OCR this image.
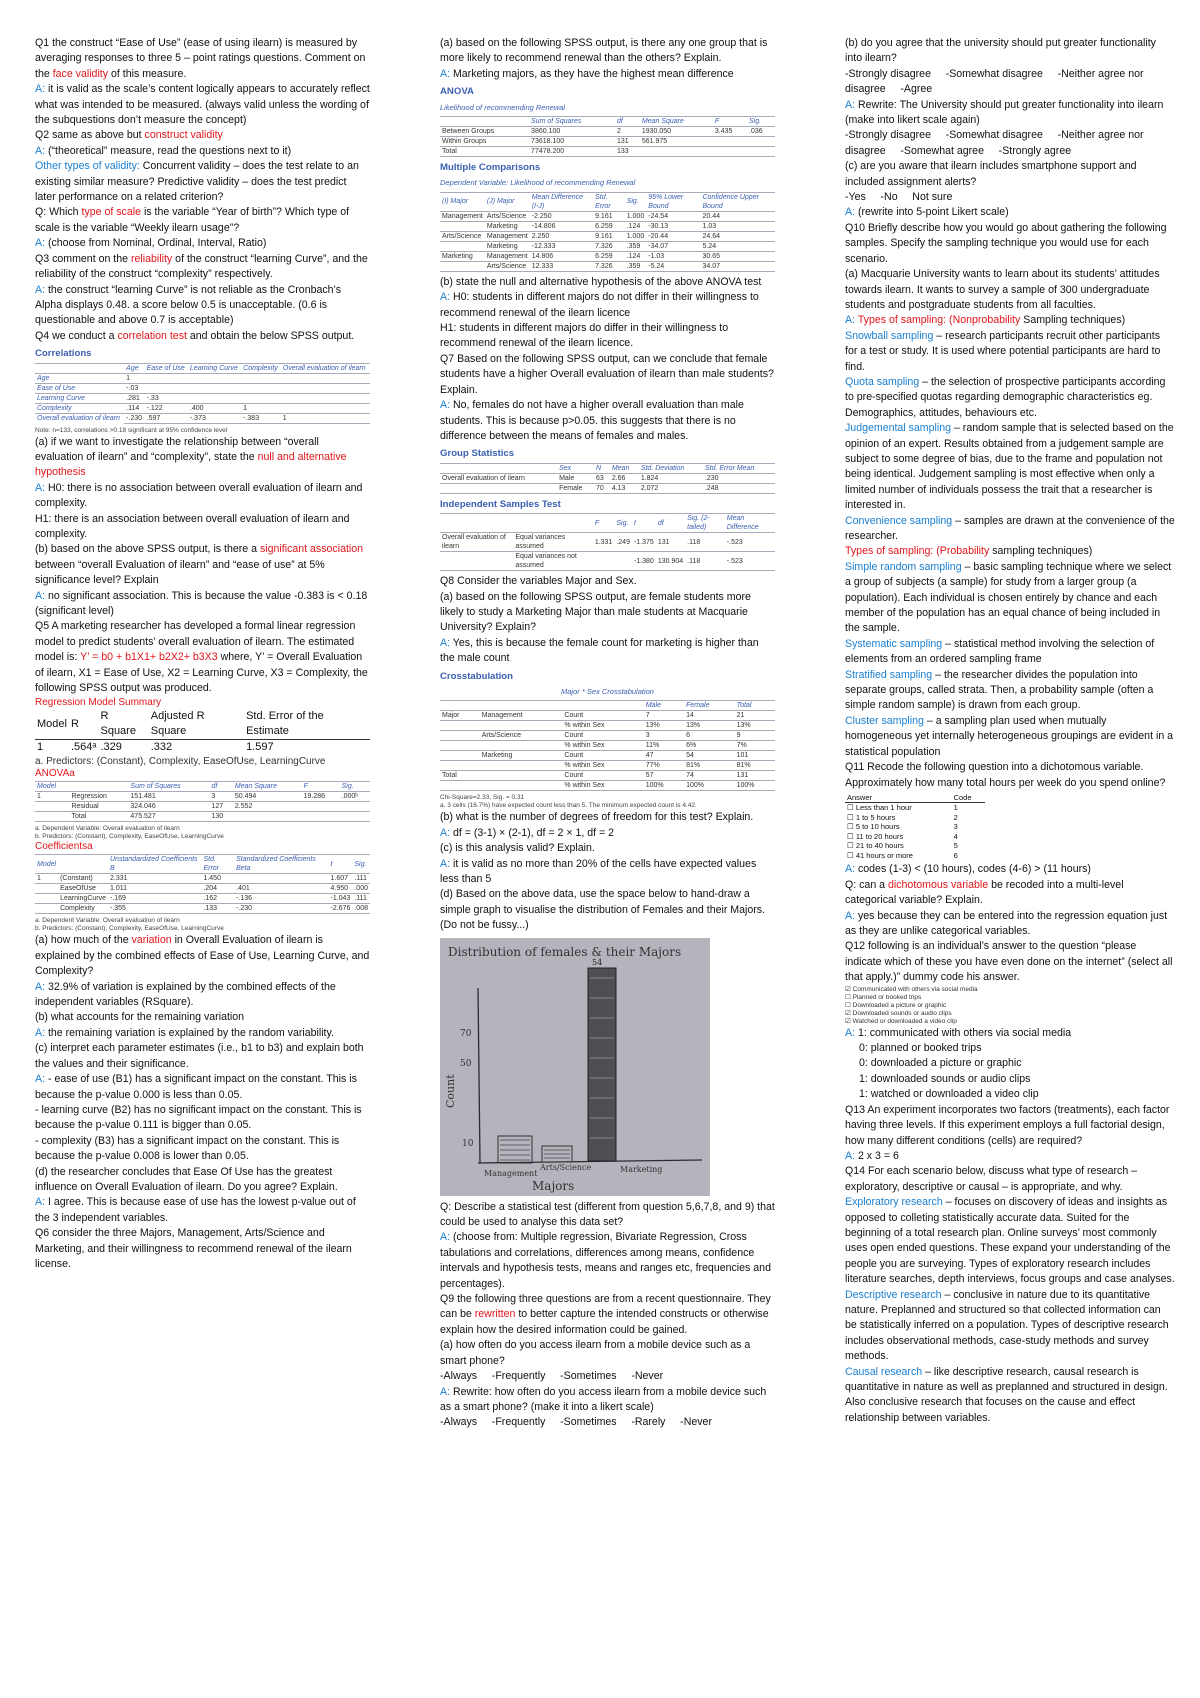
Q1 the construct “Ease of Use” (ease of using ilearn) is measured by averaging responses to three 5 – point ratings questions. Comment on the face validity of this measure.

A: it is valid as the scale’s content logically appears to accurately reflect what was intended to be measured. (always valid unless the wording of the subquestions don’t measure the concept)

Q2 same as above but construct validity

A: (“theoretical” measure, read the questions next to it)

Other types of validity: Concurrent validity – does the test relate to an existing similar measure? Predictive validity – does the test predict later performance on a related criterion?

Q: Which type of scale is the variable “Year of birth”? Which type of scale is the variable “Weekly ilearn usage”?

A: (choose from Nominal, Ordinal, Interval, Ratio)

Q3 comment on the reliability of the construct “learning Curve”, and the reliability of the construct “complexity” respectively.

A: the construct “learning Curve” is not reliable as the Cronbach’s Alpha displays 0.48. a score below 0.5 is unacceptable. (0.6 is questionable and above 0.7 is acceptable)

Q4 we conduct a correlation test and obtain the below SPSS output.

Correlations
	Age	Ease of Use	Learning Curve	Complexity	Overall evaluation of ilearn
Age	1				
Ease of Use	-.03				
Learning Curve	.281	-.33			
Complexity	.114	-.122	.400	1	
Overall evaluation of ilearn	-.230	.597	-.373	-.383	1
Note: n=133, correlations >0.18 significant at 95% confidence level

(a) if we want to investigate the relationship between “overall evaluation of ilearn” and “complexity”, state the null and alternative hypothesis

A: H0: there is no association between overall evaluation of ilearn and complexity.

H1: there is an association between overall evaluation of ilearn and complexity.

(b) based on the above SPSS output, is there a significant association between “overall Evaluation of ilearn” and “ease of use” at 5% significance level? Explain

A: no significant association. This is because the value -0.383 is < 0.18 (significant level)

Q5 A marketing researcher has developed a formal linear regression model to predict students’ overall evaluation of ilearn. The estimated model is: Y’ = b0 + b1X1+ b2X2+ b3X3 where, Y’ = Overall Evaluation of ilearn, X1 = Ease of Use, X2 = Learning Curve, X3 = Complexity, the following SPSS output was produced.

Regression Model Summary
Model	R	R Square	Adjusted R Square	Std. Error of the Estimate
1	.564ᵃ	.329	.332	1.597
a. Predictors: (Constant), Complexity, EaseOfUse, LearningCurve
ANOVAa
Model		Sum of Squares	df	Mean Square	F	Sig.
1	Regression	151.481	3	50.494	19.286	.000ᵇ
	Residual	324.046	127	2.552		
	Total	475.527	130			
a. Dependent Variable: Overall evaluation of ilearn
b. Predictors: (Constant), Complexity, EaseOfUse, LearningCurve
Coefficientsa
Model		Unstandardized Coefficients B	Std. Error	Standardized Coefficients Beta	t	Sig.
1	(Constant)	2.331	1.450		1.607	.111
	EaseOfUse	1.011	.204	.401	4.950	.000
	LearningCurve	-.169	.162	-.136	-1.043	.111
	Complexity	-.355	.133	-.230	-2.676	.008
a. Dependent Variable: Overall evaluation of ilearn
b. Predictors: (Constant), Complexity, EaseOfUse, LearningCurve

(a) how much of the variation in Overall Evaluation of ilearn is explained by the combined effects of Ease of Use, Learning Curve, and Complexity?

A: 32.9% of variation is explained by the combined effects of the independent variables (RSquare).

(b) what accounts for the remaining variation

A: the remaining variation is explained by the random variability.

(c) interpret each parameter estimates (i.e., b1 to b3) and explain both the values and their significance.

A: - ease of use (B1) has a significant impact on the constant. This is because the p-value 0.000 is less than 0.05.

- learning curve (B2) has no significant impact on the constant. This is because the p-value 0.111 is bigger than 0.05.

- complexity (B3) has a significant impact on the constant. This is because the p-value 0.008 is lower than 0.05.

(d) the researcher concludes that Ease Of Use has the greatest influence on Overall Evaluation of ilearn. Do you agree? Explain.

A: I agree. This is because ease of use has the lowest p-value out of the 3 independent variables.

Q6 consider the three Majors, Management, Arts/Science and Marketing, and their willingness to recommend renewal of the ilearn license.

(a) based on the following SPSS output, is there any one group that is more likely to recommend renewal than the others? Explain.

A: Marketing majors, as they have the highest mean difference

ANOVA
Likelihood of recommending Renewal
	Sum of Squares	df	Mean Square	F	Sig.
Between Groups	3860.100	2	1930.050	3.435	.036
Within Groups	73618.100	131	561.975		
Total	77478.200	133			
Multiple Comparisons
Dependent Variable: Likelihood of recommending Renewal
(I) Major	(J) Major	Mean Difference (I-J)	Std. Error	Sig.	95% Lower Bound	Confidence Upper Bound
Management	Arts/Science	-2.250	9.161	1.000	-24.54	20.44
	Marketing	-14.806	6.259	.124	-30.13	1.03
Arts/Science	Management	2.250	9.161	1.000	-20.44	24.64
	Marketing	-12.333	7.326	.359	-34.07	5.24
Marketing	Management	14.806	6.259	.124	-1.03	30.65
	Arts/Science	12.333	7.326	.359	-5.24	34.07

(b) state the null and alternative hypothesis of the above ANOVA test

A: H0: students in different majors do not differ in their willingness to recommend renewal of the ilearn licence

H1: students in different majors do differ in their willingness to recommend renewal of the ilearn licence.

Q7 Based on the following SPSS output, can we conclude that female students have a higher Overall evaluation of ilearn than male students? Explain.

A: No, females do not have a higher overall evaluation than male students. This is because p>0.05. this suggests that there is no difference between the means of females and males.

Group Statistics
	Sex	N	Mean	Std. Deviation	Std. Error Mean
Overall evaluation of ilearn	Male	63	2.66	1.824	.230
	Female	70	4.13	2.072	.248
Independent Samples Test
		F	Sig.	t	df	Sig. (2-tailed)	Mean Difference
Overall evaluation of ilearn	Equal variances assumed	1.331	.249	-1.375	131	.118	-.523
	Equal variances not assumed			-1.380	130.904	.118	-.523

Q8 Consider the variables Major and Sex.

(a) based on the following SPSS output, are female students more likely to study a Marketing Major than male students at Macquarie University? Explain?

A: Yes, this is because the female count for marketing is higher than the male count

Crosstabulation
Major * Sex Crosstabulation
			Male	Female	Total
Major	Management	Count	7	14	21
		% within Sex	13%	13%	13%
	Arts/Science	Count	3	6	9
		% within Sex	11%	6%	7%
	Marketing	Count	47	54	101
		% within Sex	77%	81%	81%
Total		Count	57	74	131
		% within Sex	100%	100%	100%
Chi-Square=2.33, Sig. = 0.31
a. 3 cells (16.7%) have expected count less than 5. The minimum expected count is 4.42.

(b) what is the number of degrees of freedom for this test? Explain.

A: df = (3-1) × (2-1), df = 2 × 1, df = 2

(c) is this analysis valid? Explain.

A: it is valid as no more than 20% of the cells have expected values less than 5

(d) Based on the above data, use the space below to hand-draw a simple graph to visualise the distribution of Females and their Majors. (Do not be fussy...)

Distribution of females & their Majors
70
50
10
Count
54
Management
Arts/Science	Marketing
Majors

Q: Describe a statistical test (different from question 5,6,7,8, and 9) that could be used to analyse this data set?

A: (choose from: Multiple regression, Bivariate Regression, Cross tabulations and correlations, differences among means, confidence intervals and hypothesis tests, means and ranges etc, frequencies and percentages).

Q9 the following three questions are from a recent questionnaire. They can be rewritten to better capture the intended constructs or otherwise explain how the desired information could be gained.

(a) how often do you access ilearn from a mobile device such as a smart phone?

-Always     -Frequently     -Sometimes     -Never

A: Rewrite: how often do you access ilearn from a mobile device such as a smart phone? (make it into a likert scale)

-Always     -Frequently     -Sometimes     -Rarely     -Never

(b) do you agree that the university should put greater functionality into ilearn?

-Strongly disagree     -Somewhat disagree     -Neither agree nor disagree     -Agree

A: Rewrite: The University should put greater functionality into ilearn (make into likert scale again)

-Strongly disagree     -Somewhat disagree     -Neither agree nor disagree     -Somewhat agree     -Strongly agree

(c) are you aware that ilearn includes smartphone support and included assignment alerts?

-Yes     -No     Not sure

A: (rewrite into 5-point Likert scale)

Q10 Briefly describe how you would go about gathering the following samples. Specify the sampling technique you would use for each scenario.

(a) Macquarie University wants to learn about its students’ attitudes towards ilearn. It wants to survey a sample of 300 undergraduate students and postgraduate students from all faculties.

A: Types of sampling: (Nonprobability Sampling techniques)

Snowball sampling – research participants recruit other participants for a test or study. It is used where potential participants are hard to find.

Quota sampling – the selection of prospective participants according to pre-specified quotas regarding demographic characteristics eg. Demographics, attitudes, behaviours etc.

Judgemental sampling – random sample that is selected based on the opinion of an expert. Results obtained from a judgement sample are subject to some degree of bias, due to the frame and population not being identical. Judgement sampling is most effective when only a limited number of individuals possess the trait that a researcher is interested in.

Convenience sampling – samples are drawn at the convenience of the researcher.

Types of sampling: (Probability sampling techniques)

Simple random sampling – basic sampling technique where we select a group of subjects (a sample) for study from a larger group (a population). Each individual is chosen entirely by chance and each member of the population has an equal chance of being included in the sample.

Systematic sampling – statistical method involving the selection of elements from an ordered sampling frame

Stratified sampling – the researcher divides the population into separate groups, called strata. Then, a probability sample (often a simple random sample) is drawn from each group.

Cluster sampling – a sampling plan used when mutually homogeneous yet internally heterogeneous groupings are evident in a statistical population

Q11 Recode the following question into a dichotomous variable. Approximately how many total hours per week do you spend online?

Answer	Code
☐ Less than 1 hour	1
☐ 1 to 5 hours	2
☐ 5 to 10 hours	3
☐ 11 to 20 hours	4
☐ 21 to 40 hours	5
☐ 41 hours or more	6

A: codes (1-3) < (10 hours), codes (4-6) > (11 hours)

Q: can a dichotomous variable be recoded into a multi-level categorical variable? Explain.

A: yes because they can be entered into the regression equation just as they are unlike categorical variables.

Q12 following is an individual’s answer to the question “please indicate which of these you have even done on the internet” (select all that apply.)” dummy code his answer.

☑ Communicated with others via social media
☐ Planned or booked trips
☐ Downloaded a picture or graphic
☑ Downloaded sounds or audio clips
☑ Watched or downloaded a video clip

A: 1: communicated with others via social media

0: planned or booked trips

0: downloaded a picture or graphic

1: downloaded sounds or audio clips

1: watched or downloaded a video clip

Q13 An experiment incorporates two factors (treatments), each factor having three levels. If this experiment employs a full factorial design, how many different conditions (cells) are required?

A: 2 x 3 = 6

Q14 For each scenario below, discuss what type of research – exploratory, descriptive or causal – is appropriate, and why.

Exploratory research – focuses on discovery of ideas and insights as opposed to colleting statistically accurate data. Suited for the beginning of a total research plan. Online surveys’ most commonly uses open ended questions. These expand your understanding of the people you are surveying. Types of exploratory research includes literature searches, depth interviews, focus groups and case analyses.

Descriptive research – conclusive in nature due to its quantitative nature. Preplanned and structured so that collected information can be statistically inferred on a population. Types of descriptive research includes observational methods, case-study methods and survey methods.

Causal research – like descriptive research, causal research is quantitative in nature as well as preplanned and structured in design. Also conclusive research that focuses on the cause and effect relationship between variables.
